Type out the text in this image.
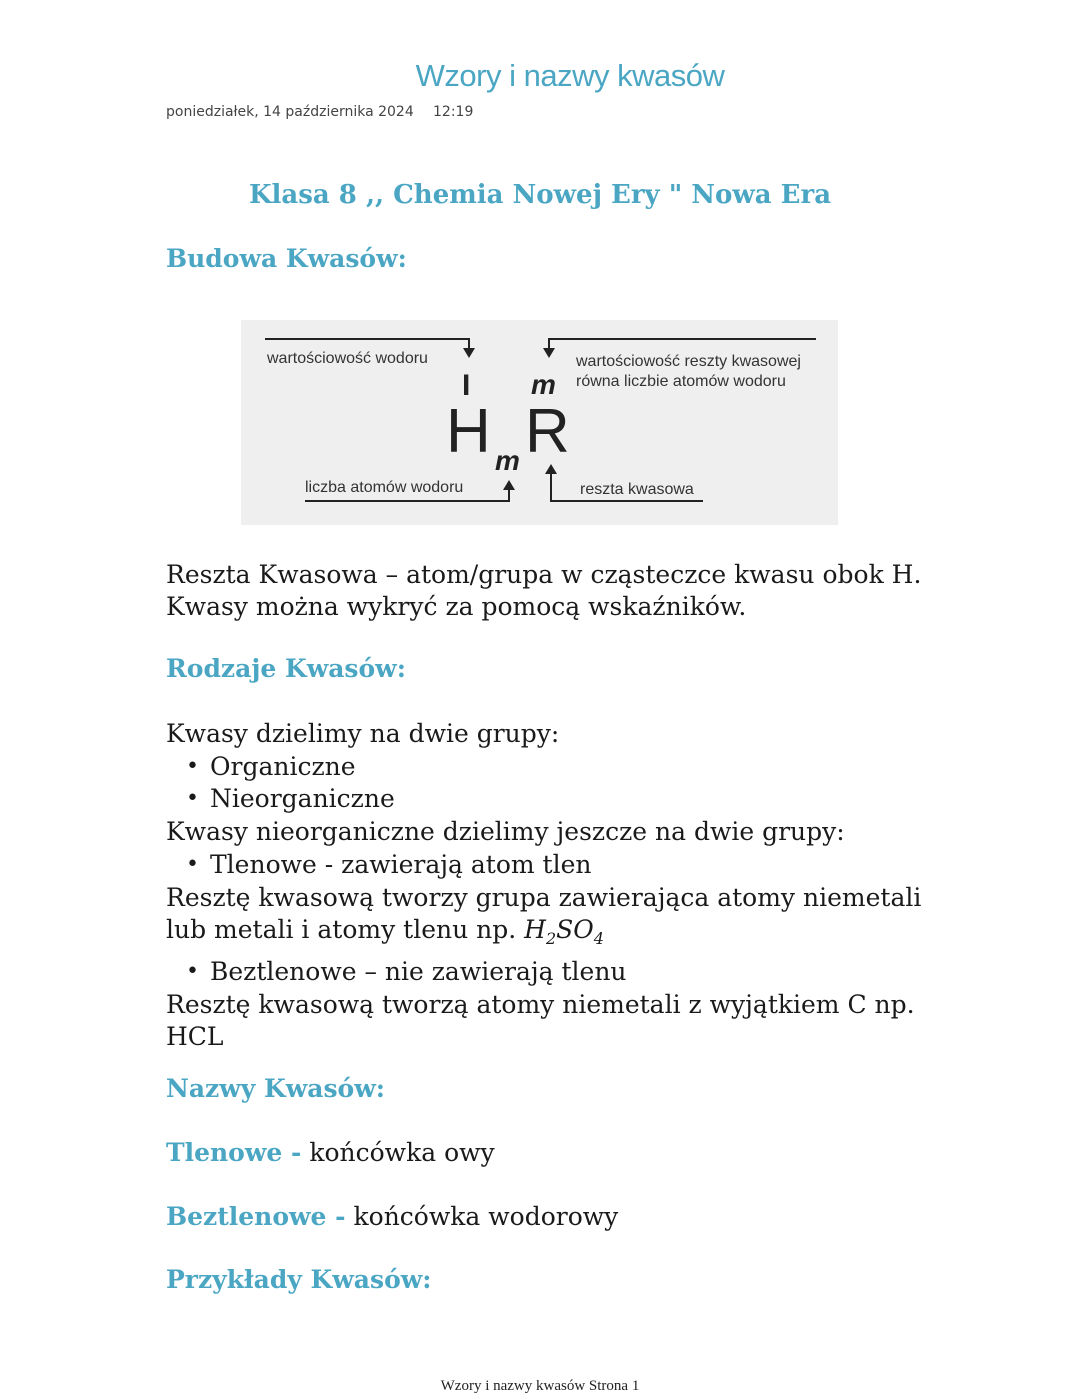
Wzory i nazwy kwasów
poniedziałek, 14 października 2024 12:19
Klasa 8 ,, Chemia Nowej Ery " Nowa Era
Budowa Kwasów:
wartościowość wodoru	wartościowość reszty kwasowej
równa liczbie atomów wodoru
liczba atomów wodoru	reszta kwasowa
I m
H m R
Reszta Kwasowa – atom/grupa w cząsteczce kwasu obok H.
Kwasy można wykryć za pomocą wskaźników.
Rodzaje Kwasów:
Kwasy dzielimy na dwie grupy:
• Organiczne
• Nieorganiczne
Kwasy nieorganiczne dzielimy jeszcze na dwie grupy:
• Tlenowe - zawierają atom tlen
Resztę kwasową tworzy grupa zawierająca atomy niemetali
lub metali i atomy tlenu np. $H_2SO_4$
• Beztlenowe – nie zawierają tlenu
Resztę kwasową tworzą atomy niemetali z wyjątkiem C np.
HCL
Nazwy Kwasów:
Tlenowe - końcówka owy
Beztlenowe - końcówka wodorowy
Przykłady Kwasów:
Wzory i nazwy kwasów Strona 1
